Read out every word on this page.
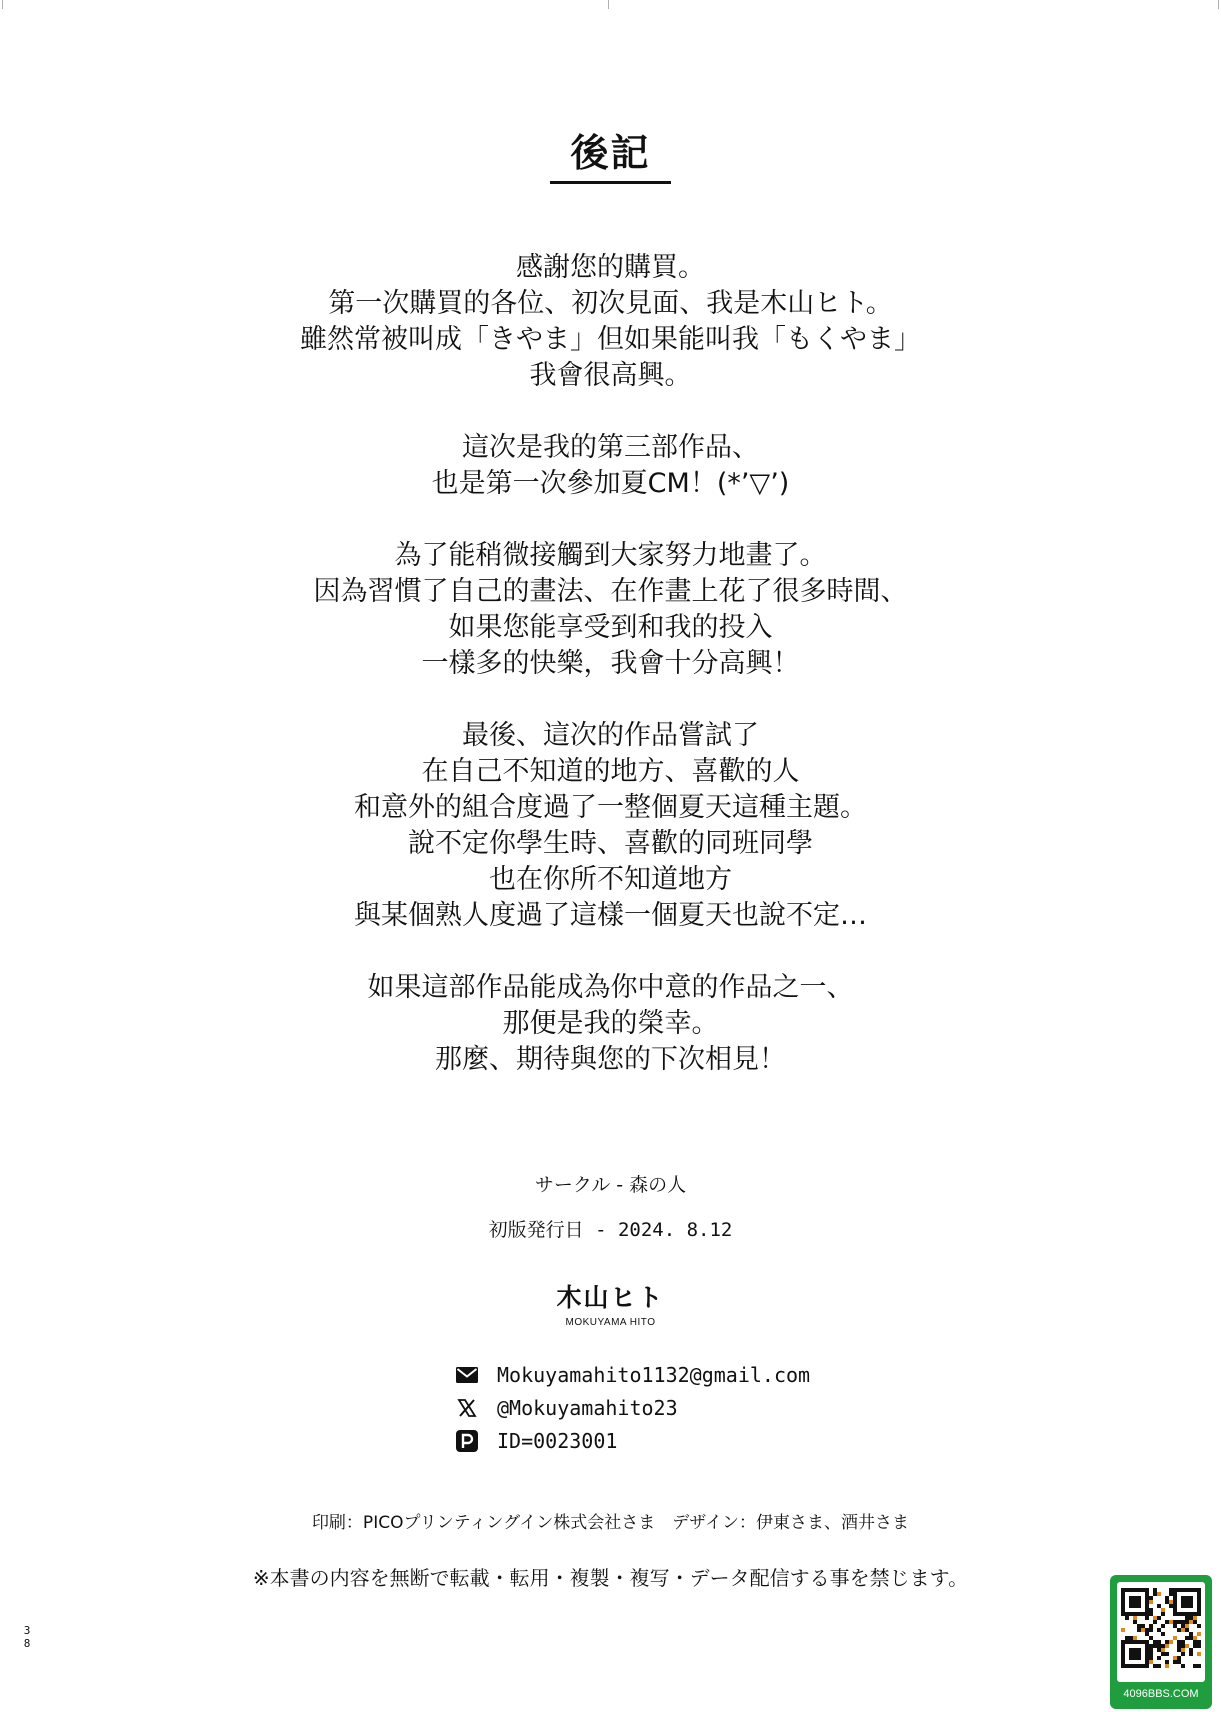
後記
感謝您的購買。
第一次購買的各位、初次見面、我是木山ヒト。
雖然常被叫成「きやま」但如果能叫我「もくやま」
我會很高興。
這次是我的第三部作品、
也是第一次參加夏CM！(*’▽’)
為了能稍微接觸到大家努力地畫了。
因為習慣了自己的畫法、在作畫上花了很多時間、
如果您能享受到和我的投入
一樣多的快樂，我會十分高興！
最後、這次的作品嘗試了
在自己不知道的地方、喜歡的人
和意外的組合度過了一整個夏天這種主題。
說不定你學生時、喜歡的同班同學
也在你所不知道地方
與某個熟人度過了這樣一個夏天也說不定…
如果這部作品能成為你中意的作品之一、
那便是我的榮幸。
那麼、期待與您的下次相見！
サークル - 森の人
初版発行日 - 2024. 8.12
木山ヒト
MOKUYAMA HITO
Mokuyamahito1132@gmail.com
@Mokuyamahito23
ID=0023001
印刷：PICOプリンティングイン株式会社さま　デザイン：伊東さま、酒井さま
※本書の内容を無断で転載・転用・複製・複写・データ配信する事を禁じます。
3
8
4096BBS.COM
